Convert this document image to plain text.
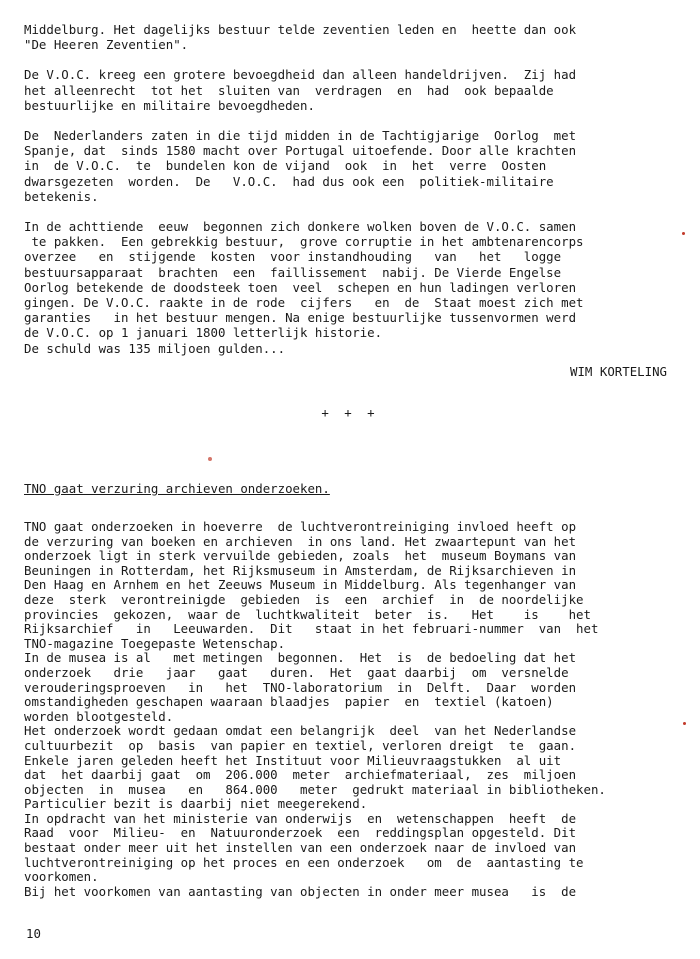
Middelburg. Het dagelijks bestuur telde zeventien leden en  heette dan ook
"De Heeren Zeventien".

De V.O.C. kreeg een grotere bevoegdheid dan alleen handeldrijven.  Zij had
het alleenrecht  tot het  sluiten van  verdragen  en  had  ook bepaalde
bestuurlijke en militaire bevoegdheden.

De  Nederlanders zaten in die tijd midden in de Tachtigjarige  Oorlog  met
Spanje, dat  sinds 1580 macht over Portugal uitoefende. Door alle krachten
in  de V.O.C.  te  bundelen kon de vijand  ook  in  het  verre  Oosten
dwarsgezeten  worden.  De   V.O.C.  had dus ook een  politiek-militaire
betekenis.

In de achttiende  eeuw  begonnen zich donkere wolken boven de V.O.C. samen
te pakken.  Een gebrekkig bestuur,  grove corruptie in het ambtenarencorps
overzee   en  stijgende  kosten  voor instandhouding   van   het   logge
bestuursapparaat  brachten  een  faillissement  nabij. De Vierde Engelse
Oorlog betekende de doodsteek toen  veel  schepen en hun ladingen verloren
gingen. De V.O.C. raakte in de rode  cijfers   en  de  Staat moest zich met
garanties   in het bestuur mengen. Na enige bestuurlijke tussenvormen werd
de V.O.C. op 1 januari 1800 letterlijk historie.
De schuld was 135 miljoen gulden...

WIM KORTELING
+ + +
TNO gaat verzuring archieven onderzoeken.

TNO gaat onderzoeken in hoeverre  de luchtverontreiniging invloed heeft op
de verzuring van boeken en archieven  in ons land. Het zwaartepunt van het
onderzoek ligt in sterk vervuilde gebieden, zoals  het  museum Boymans van
Beuningen in Rotterdam, het Rijksmuseum in Amsterdam, de Rijksarchieven in
Den Haag en Arnhem en het Zeeuws Museum in Middelburg. Als tegenhanger van
deze  sterk  verontreinigde  gebieden  is  een  archief  in  de noordelijke
provincies  gekozen,  waar de  luchtkwaliteit  beter  is.   Het    is    het
Rijksarchief   in   Leeuwarden.  Dit   staat in het februari-nummer  van  het
TNO-magazine Toegepaste Wetenschap.
In de musea is al   met metingen  begonnen.  Het  is  de bedoeling dat het
onderzoek   drie   jaar   gaat   duren.  Het  gaat daarbij  om  versnelde
verouderingsproeven   in   het  TNO-laboratorium  in  Delft.  Daar  worden
omstandigheden geschapen waaraan blaadjes  papier  en  textiel (katoen)
worden blootgesteld.
Het onderzoek wordt gedaan omdat een belangrijk  deel  van het Nederlandse
cultuurbezit  op  basis  van papier en textiel, verloren dreigt  te  gaan.
Enkele jaren geleden heeft het Instituut voor Milieuvraagstukken  al uit
dat  het daarbij gaat  om  206.000  meter  archiefmateriaal,  zes  miljoen
objecten  in  musea   en   864.000   meter  gedrukt materiaal in bibliotheken.
Particulier bezit is daarbij niet meegerekend.
In opdracht van het ministerie van onderwijs  en  wetenschappen  heeft  de
Raad  voor  Milieu-  en  Natuuronderzoek  een  reddingsplan opgesteld. Dit
bestaat onder meer uit het instellen van een onderzoek naar de invloed van
luchtverontreiniging op het proces en een onderzoek   om  de  aantasting te
voorkomen.
Bij het voorkomen van aantasting van objecten in onder meer musea   is  de

10
